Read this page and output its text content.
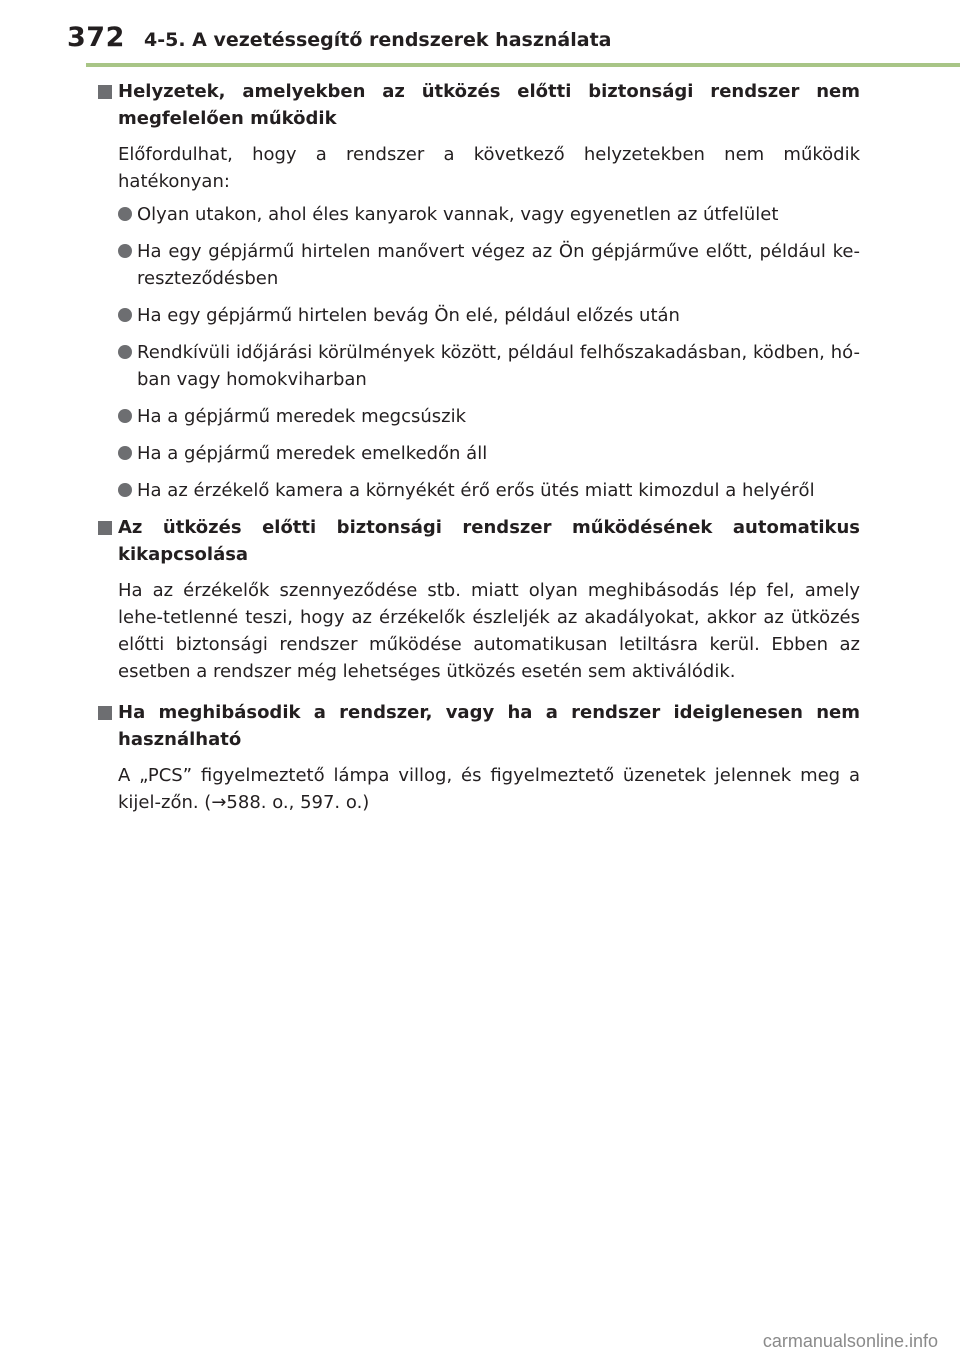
372 4-5. A vezetéssegítő rendszerek használata
Helyzetek, amelyekben az ütközés előtti biztonsági rendszer nem megfelelően működik
Előfordulhat, hogy a rendszer a következő helyzetekben nem működik hatékonyan:
Olyan utakon, ahol éles kanyarok vannak, vagy egyenetlen az útfelület
Ha egy gépjármű hirtelen manővert végez az Ön gépjárműve előtt, például ke-reszteződésben
Ha egy gépjármű hirtelen bevág Ön elé, például előzés után
Rendkívüli időjárási körülmények között, például felhőszakadásban, ködben, hó-ban vagy homokviharban
Ha a gépjármű meredek megcsúszik
Ha a gépjármű meredek emelkedőn áll
Ha az érzékelő kamera a környékét érő erős ütés miatt kimozdul a helyéről
Az ütközés előtti biztonsági rendszer működésének automatikus kikapcsolása
Ha az érzékelők szennyeződése stb. miatt olyan meghibásodás lép fel, amely lehe-tetlenné teszi, hogy az érzékelők észleljék az akadályokat, akkor az ütközés előtti biztonsági rendszer működése automatikusan letiltásra kerül. Ebben az esetben a rendszer még lehetséges ütközés esetén sem aktiválódik.
Ha meghibásodik a rendszer, vagy ha a rendszer ideiglenesen nem használható
A „PCS” figyelmeztető lámpa villog, és figyelmeztető üzenetek jelennek meg a kijel-zőn. (→588. o., 597. o.)
carmanualsonline.info
